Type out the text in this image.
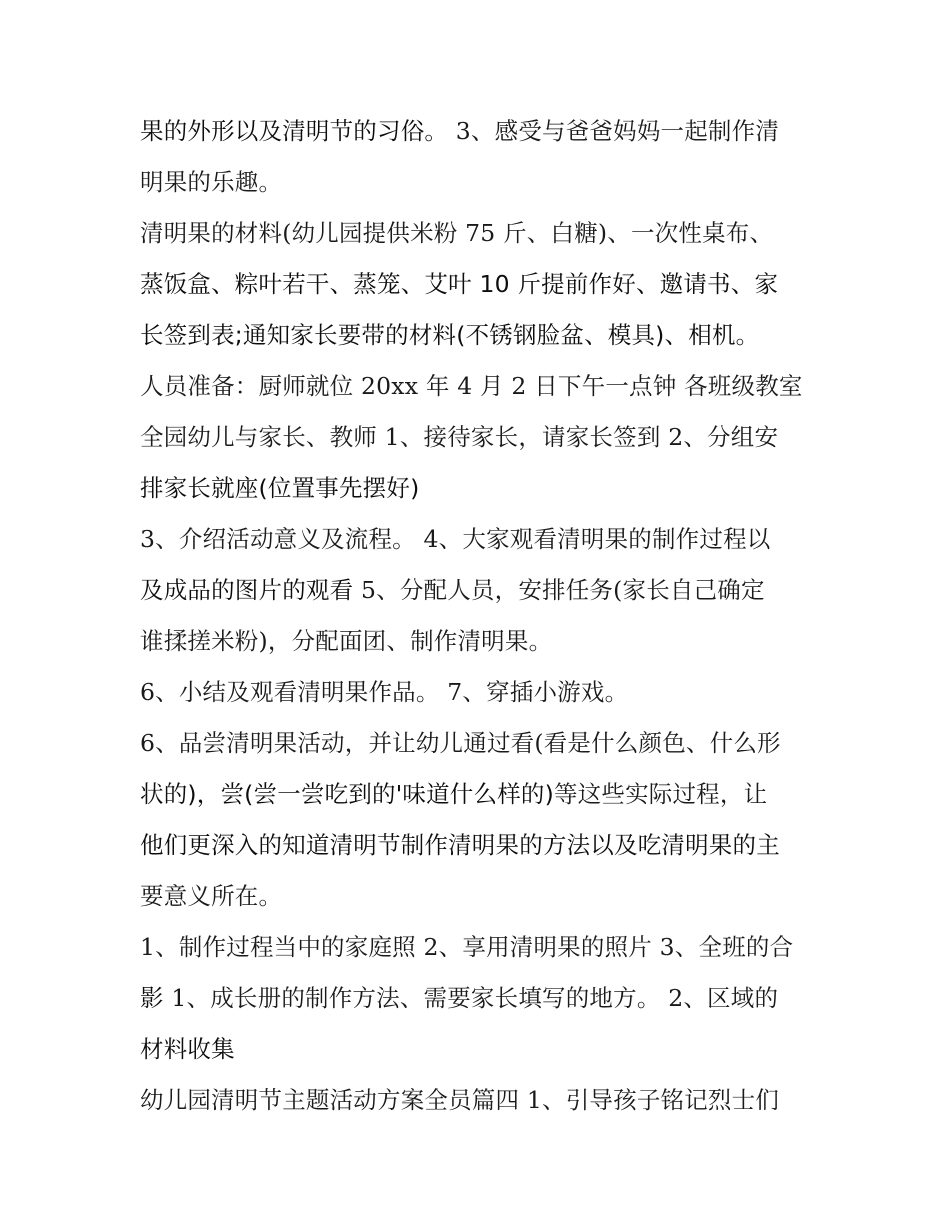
果的外形以及清明节的习俗。 3、感受与爸爸妈妈一起制作清
明果的乐趣。
清明果的材料(幼儿园提供米粉 75 斤、白糖)、一次性桌布、
蒸饭盒、粽叶若干、蒸笼、艾叶 10 斤提前作好、邀请书、家
长签到表;通知家长要带的材料(不锈钢脸盆、模具)、相机。
人员准备：厨师就位 20xx 年 4 月 2 日下午一点钟 各班级教室
全园幼儿与家长、教师 1、接待家长，请家长签到 2、分组安
排家长就座(位置事先摆好)
3、介绍活动意义及流程。 4、大家观看清明果的制作过程以
及成品的图片的观看 5、分配人员，安排任务(家长自己确定
谁揉搓米粉)，分配面团、制作清明果。
6、小结及观看清明果作品。 7、穿插小游戏。
6、品尝清明果活动，并让幼儿通过看(看是什么颜色、什么形
状的)，尝(尝一尝吃到的'味道什么样的)等这些实际过程，让
他们更深入的知道清明节制作清明果的方法以及吃清明果的主
要意义所在。
1、制作过程当中的家庭照 2、享用清明果的照片 3、全班的合
影 1、成长册的制作方法、需要家长填写的地方。 2、区域的
材料收集
幼儿园清明节主题活动方案全员篇四 1、引导孩子铭记烈士们
